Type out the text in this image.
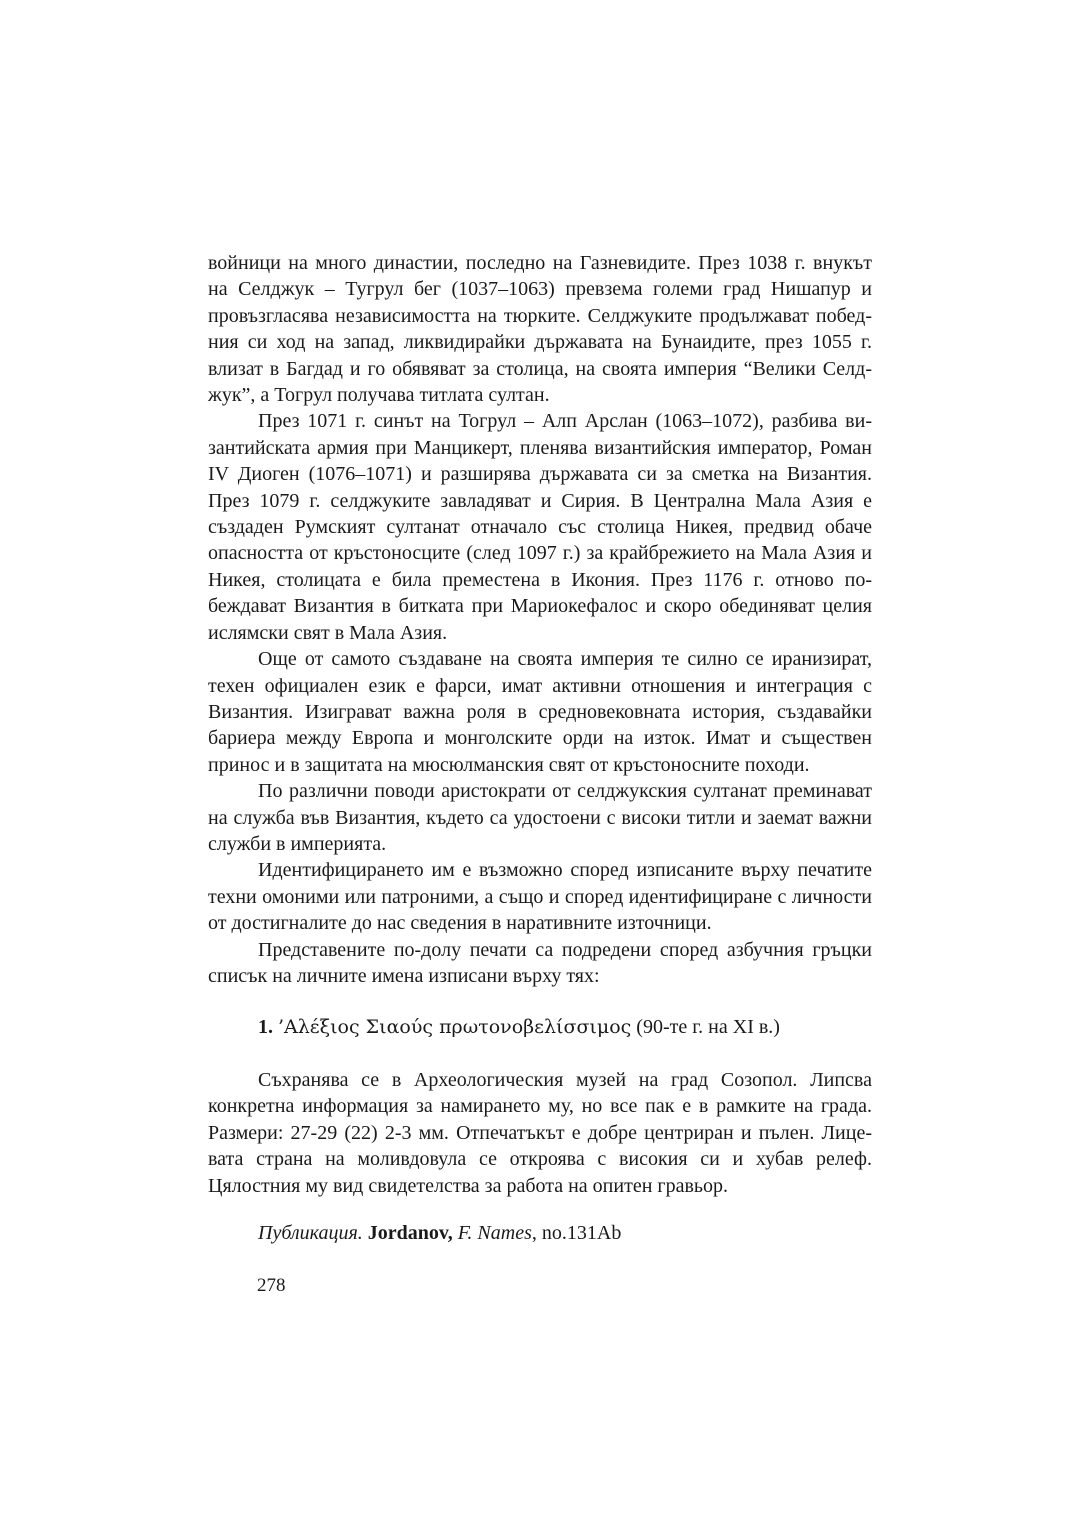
войници на много династии, последно на Газневидите. През 1038 г. внукът на Селджук – Тугрул бег (1037–1063) превзема големи град Нишапур и провъзгласява независимостта на тюрките. Селджуките продължават победния си ход на запад, ликвидирайки държавата на Бунаидите, през 1055 г. влизат в Багдад и го обявяват за столица, на своята империя “Велики Селджук”, а Тогрул получава титлата султан.

През 1071 г. синът на Тогрул – Алп Арслан (1063–1072), разбива византийската армия при Манцикерт, пленява византийския император, Роман IV Диоген (1076–1071) и разширява държавата си за сметка на Византия. През 1079 г. селджуките завладяват и Сирия. В Централна Мала Азия е създаден Румският султанат отначало със столица Никея, предвид обаче опасността от кръстоносците (след 1097 г.) за крайбрежието на Мала Азия и Никея, столицата е била преместена в Икония. През 1176 г. отново побеждават Византия в битката при Мариокефалос и скоро обединяват целия ислямски свят в Мала Азия.

Още от самото създаване на своята империя те силно се иранизират, техен официален език е фарси, имат активни отношения и интеграция с Византия. Изиграват важна роля в средновековната история, създавайки бариера между Европа и монголските орди на изток. Имат и съществен принос и в защитата на мюсюлманския свят от кръстоносните походи.

По различни поводи аристократи от селджукския султанат преминават на служба във Византия, където са удостоени с високи титли и заемат важни служби в империята.

Идентифицирането им е възможно според изписаните върху печатите техни омоними или патроними, а също и според идентифициране с личности от достигналите до нас сведения в наративните източници.

Представените по-долу печати са подредени според азбучния гръцки списък на личните имена изписани върху тях:

1. ’Αλέξιος Σιαούς πρωτονοβελίσσιμος (90-те г. на XI в.)

Съхранява се в Археологическия музей на град Созопол. Липсва конкретна информация за намирането му, но все пак е в рамките на града. Размери: 27-29 (22) 2-3 мм. Отпечатъкът е добре центриран и пълен. Лицевата страна на моливдовула се откроява с високия си и хубав релеф. Цялостния му вид свидетелства за работа на опитен гравьор.

Публикация. Jordanov, F. Names, no.131Ab

278
